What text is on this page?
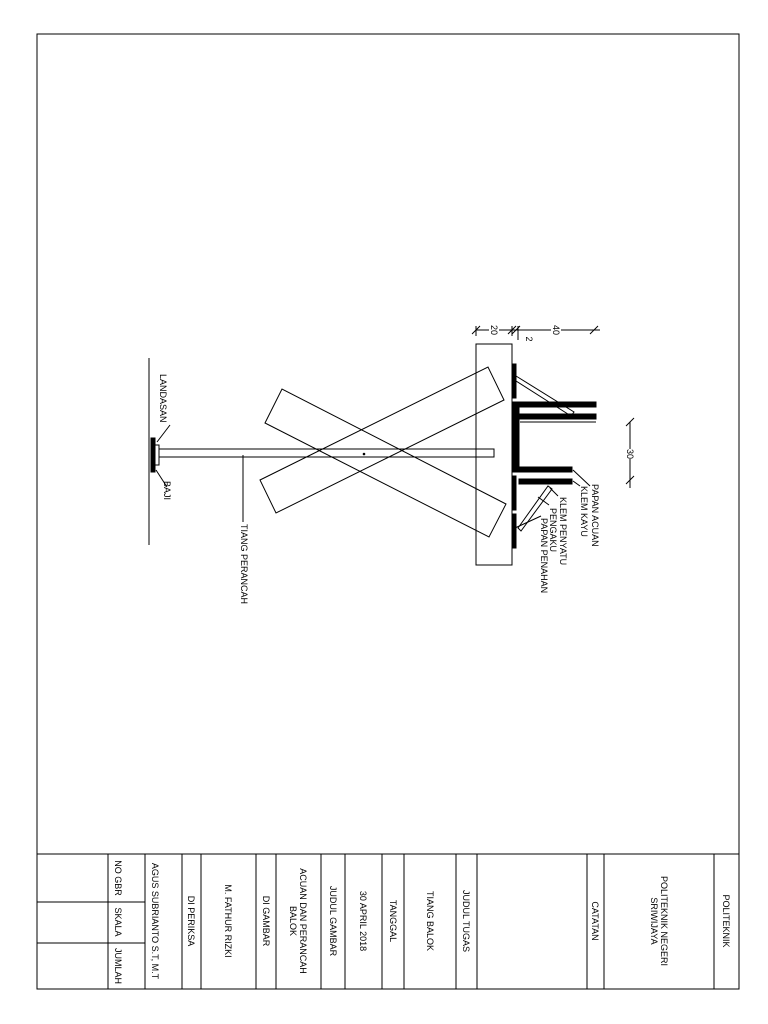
LANDASAN
BAJI
TIANG PERANCAH
PAPAN ACUAN
KLEM KAYU
KLEM PENYATU
PENGAKU
PAPAN PENAHAN
20	40
2
30
POLITEKNIK
POLITEKNIK NEGERI
SRIWIJAYA
CATATAN
JUDUL TUGAS
TIANG BALOK
TANGGAL
30 APRIL 2018
JUDUL GAMBAR
ACUAN DAN PERANCAH
BALOK
DI GAMBAR
M. FATHUR RIZKI
DI PERIKSA
AGUS SUBRIANTO S.T, M.T
NO GBR
SKALA
JUMLAH
